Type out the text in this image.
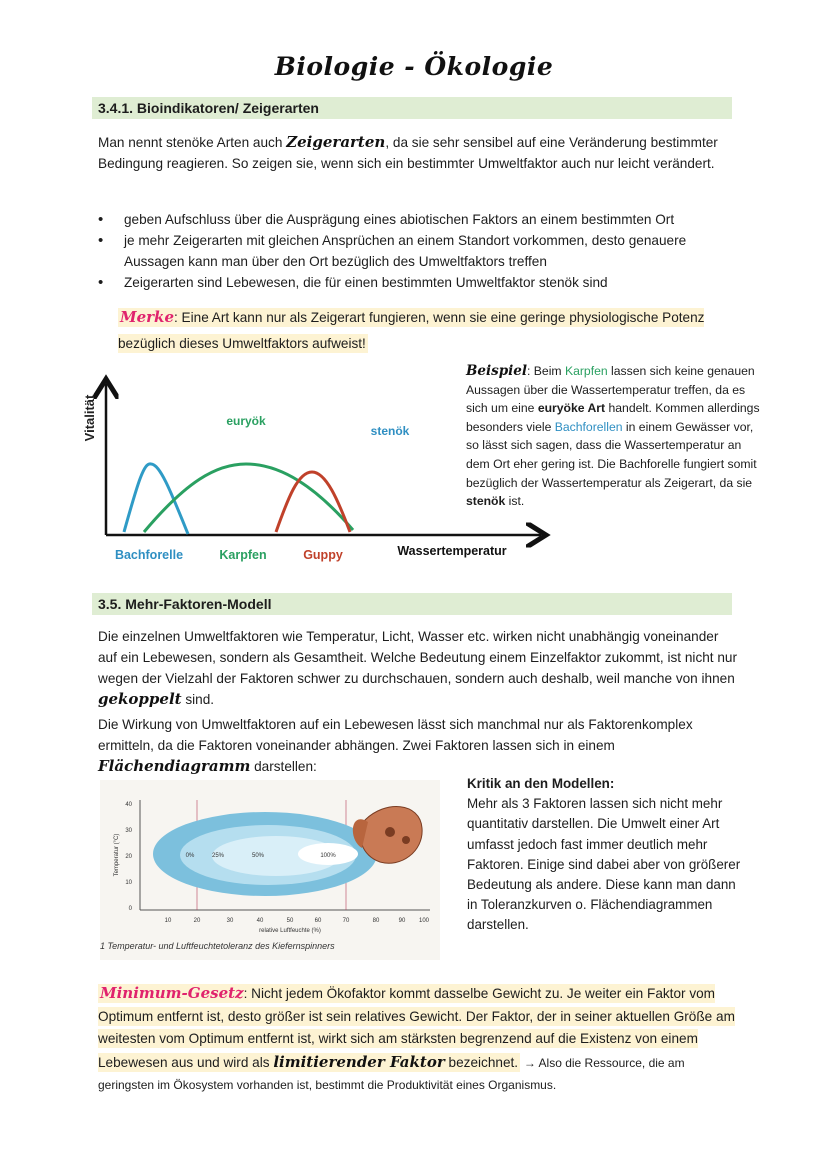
Biologie - Ökologie
3.4.1. Bioindikatoren/ Zeigerarten
Man nennt stenöke Arten auch Zeigerarten, da sie sehr sensibel auf eine Veränderung bestimmter Bedingung reagieren. So zeigen sie, wenn sich ein bestimmter Umweltfaktor auch nur leicht verändert.
• geben Aufschluss über die Ausprägung eines abiotischen Faktors an einem bestimmten Ort
• je mehr Zeigerarten mit gleichen Ansprüchen an einem Standort vorkommen, desto genauere Aussagen kann man über den Ort bezüglich des Umweltfaktors treffen
• Zeigerarten sind Lebewesen, die für einen bestimmten Umweltfaktor stenök sind
Merke: Eine Art kann nur als Zeigerart fungieren, wenn sie eine geringe physiologische Potenz bezüglich dieses Umweltfaktors aufweist!
Vitalität	euryök
stenök
Bachforelle	Karpfen	Guppy	Wassertemperatur
Beispiel: Beim Karpfen lassen sich keine genauen Aussagen über die Wassertemperatur treffen, da es sich um eine euryöke Art handelt. Kommen allerdings besonders viele Bachforellen in einem Gewässer vor, so lässt sich sagen, dass die Wassertemperatur an dem Ort eher gering ist. Die Bachforelle fungiert somit bezüglich der Wassertemperatur als Zeigerart, da sie stenök ist.
3.5. Mehr-Faktoren-Modell
Die einzelnen Umweltfaktoren wie Temperatur, Licht, Wasser etc. wirken nicht unabhängig voneinander auf ein Lebewesen, sondern als Gesamtheit. Welche Bedeutung einem Einzelfaktor zukommt, ist nicht nur wegen der Vielzahl der Faktoren schwer zu durchschauen, sondern auch deshalb, weil manche von ihnen gekoppelt sind.
Die Wirkung von Umweltfaktoren auf ein Lebewesen lässt sich manchmal nur als Faktorenkomplex ermitteln, da die Faktoren voneinander abhängen. Zwei Faktoren lassen sich in einem Flächendiagramm darstellen:
40
30
20
10
0
Temperatur (°C)
10	20	30	40	50	60	70	80	90 100
relative Luftfeuchte (%)
0%	25%	50%	100%
1 Temperatur- und Luftfeuchtetoleranz des Kiefernspinners
Kritik an den Modellen:
Mehr als 3 Faktoren lassen sich nicht mehr quantitativ darstellen. Die Umwelt einer Art umfasst jedoch fast immer deutlich mehr Faktoren. Einige sind dabei aber von größerer Bedeutung als andere. Diese kann man dann in Toleranzkurven o. Flächendiagrammen darstellen.
Minimum-Gesetz: Nicht jedem Ökofaktor kommt dasselbe Gewicht zu. Je weiter ein Faktor vom Optimum entfernt ist, desto größer ist sein relatives Gewicht. Der Faktor, der in seiner aktuellen Größe am weitesten vom Optimum entfernt ist, wirkt sich am stärksten begrenzend auf die Existenz von einem Lebewesen aus und wird als limitierender Faktor bezeichnet. → Also die Ressource, die am geringsten im Ökosystem vorhanden ist, bestimmt die Produktivität eines Organismus.
